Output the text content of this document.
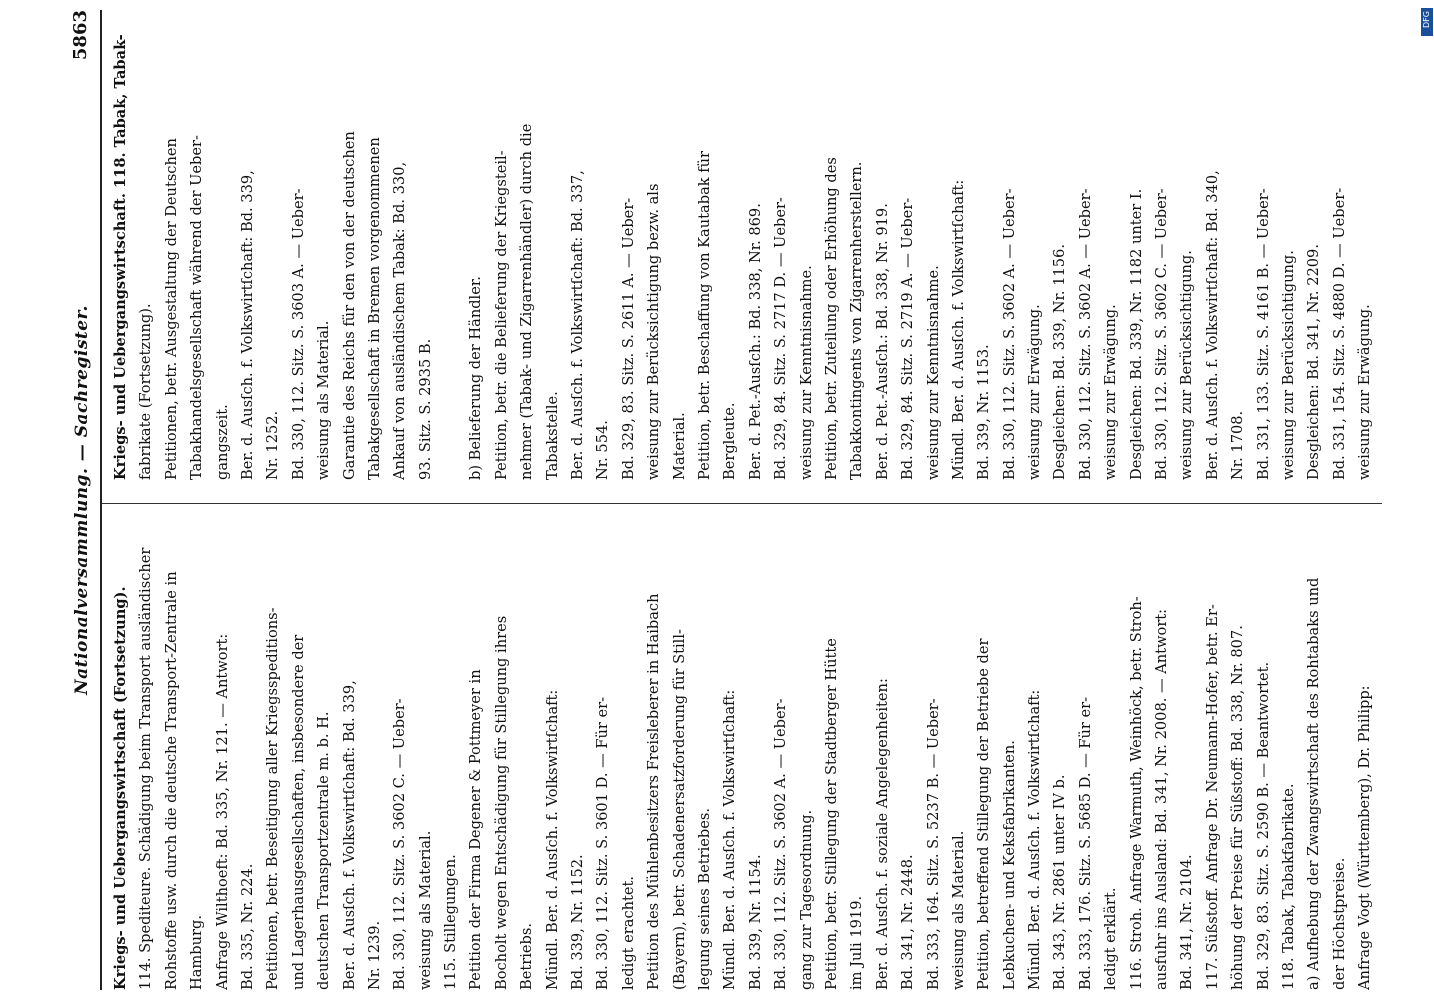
Nationalversammlung. — Sachregister.
5863
Kriegs- und Uebergangswirtschaft (Fortsetzung). 114. Spediteure. Schädigung beim Transport ausländischer Rohstoffe usw. durch die deutsche Transport-Zentrale in Hamburg. Anfrage Wilthoeft: Bd. 335, Nr. 121. — Antwort: Bd. 335, Nr. 224. Petitionen, betr. Beseitigung aller Kriegsspeditions- und Lagerhausgesellschaften, insbesondere der deutschen Transportzentrale m. b. H. Ber. d. Ausſch. f. Volkswirtſchaft: Bd. 339, Nr. 1239. Bd. 330, 112. Sitz. S. 3602 C. — Ueber- weisung als Material. 115. Stillegungen. Petition der Firma Degener & Pottmeyer in Bocholt wegen Entschädigung für Stillegung ihres Betriebs. Mündl. Ber. d. Ausſch. f. Volkswirtſchaft: Bd. 339, Nr. 1152. Bd. 330, 112. Sitz. S. 3601 D. — Für er- ledigt erachtet. Petition des Mühlenbesitzers Freisleberer in Haibach (Bayern), betr. Schadenersatzforderung für Still- legung seines Betriebes. Mündl. Ber. d. Ausſch. f. Volkswirtſchaft: Bd. 339, Nr. 1154. Bd. 330, 112. Sitz. S. 3602 A. — Ueber- gang zur Tagesordnung. Petition, betr. Stillegung der Stadtberger Hütte im Juli 1919. Ber. d. Ausſch. f. soziale Angelegenheiten: Bd. 341, Nr. 2448. Bd. 333, 164. Sitz. S. 5237 B. — Ueber- weisung als Material. Petition, betreffend Stillegung der Betriebe der Lebkuchen- und Keksfabrikanten. Mündl. Ber. d. Ausſch. f. Volkswirtſchaft: Bd. 343, Nr. 2861 unter IV b. Bd. 333, 176. Sitz. S. 5685 D. — Für er- ledigt erklärt. 116. Stroh. Anfrage Warmuth, Weinhöck, betr. Stroh- ausfuhr ins Ausland: Bd. 341, Nr. 2008. — Antwort: Bd. 341, Nr. 2104. 117. Süßstoff. Anfrage Dr. Neumann-Hofer, betr. Er- höhung der Preise für Süßstoff: Bd. 338, Nr. 807. Bd. 329, 83. Sitz. S. 2590 B. — Beantwortet. 118. Tabak, Tabakfabrikate. a) Aufhebung der Zwangswirtschaft des Rohtabaks und der Höchstpreise. Anfrage Vogt (Württemberg), Dr. Philipp:
Kriegs- und Uebergangswirtschaft. 118. Tabak, Tabak- fabrikate (Fortsetzung). Petitionen, betr. Ausgestaltung der Deutschen Tabakhandelsgesellschaft während der Ueber- gangszeit. Ber. d. Ausſch. f. Volkswirtſchaft: Bd. 339, Nr. 1252. Bd. 330, 112. Sitz. S. 3603 A. — Ueber- weisung als Material. Garantie des Reichs für den von der deutschen Tabakgesellschaft in Bremen vorgenommenen Ankauf von ausländischem Tabak: Bd. 330, 93. Sitz. S. 2935 B.	b) Belieferung der Händler. Petition, betr. die Belieferung der Kriegsteil- nehmer (Tabak- und Zigarrenhändler) durch die Tabakstelle. Ber. d. Ausſch. f. Volkswirtſchaft: Bd. 337, Nr. 554. Bd. 329, 83. Sitz. S. 2611 A. — Ueber- weisung zur Berücksichtigung bezw. als Material. Petition, betr. Beschaffung von Kautabak für Bergleute. Ber. d. Pet.-Ausſch.: Bd. 338, Nr. 869. Bd. 329, 84. Sitz. S. 2717 D. — Ueber- weisung zur Kenntnisnahme. Petition, betr. Zuteilung oder Erhöhung des Tabakkontingents von Zigarrenherstellern. Ber. d. Pet.-Ausſch.: Bd. 338, Nr. 919. Bd. 329, 84. Sitz. S. 2719 A. — Ueber- weisung zur Kenntnisnahme. Mündl. Ber. d. Ausſch. f. Volkswirtſchaft: Bd. 339, Nr. 1153. Bd. 330, 112. Sitz. S. 3602 A. — Ueber- weisung zur Erwägung. Desgleichen: Bd. 339, Nr. 1156. Bd. 330, 112. Sitz. S. 3602 A. — Ueber- weisung zur Erwägung. Desgleichen: Bd. 339, Nr. 1182 unter I. Bd. 330, 112. Sitz. S. 3602 C. — Ueber- weisung zur Berücksichtigung. Ber. d. Ausſch. f. Volkswirtſchaft: Bd. 340, Nr. 1708. Bd. 331, 133. Sitz. S. 4161 B. — Ueber- weisung zur Berücksichtigung. Desgleichen: Bd. 341, Nr. 2209. Bd. 331, 154. Sitz. S. 4880 D. — Ueber- weisung zur Erwägung.
DFG
